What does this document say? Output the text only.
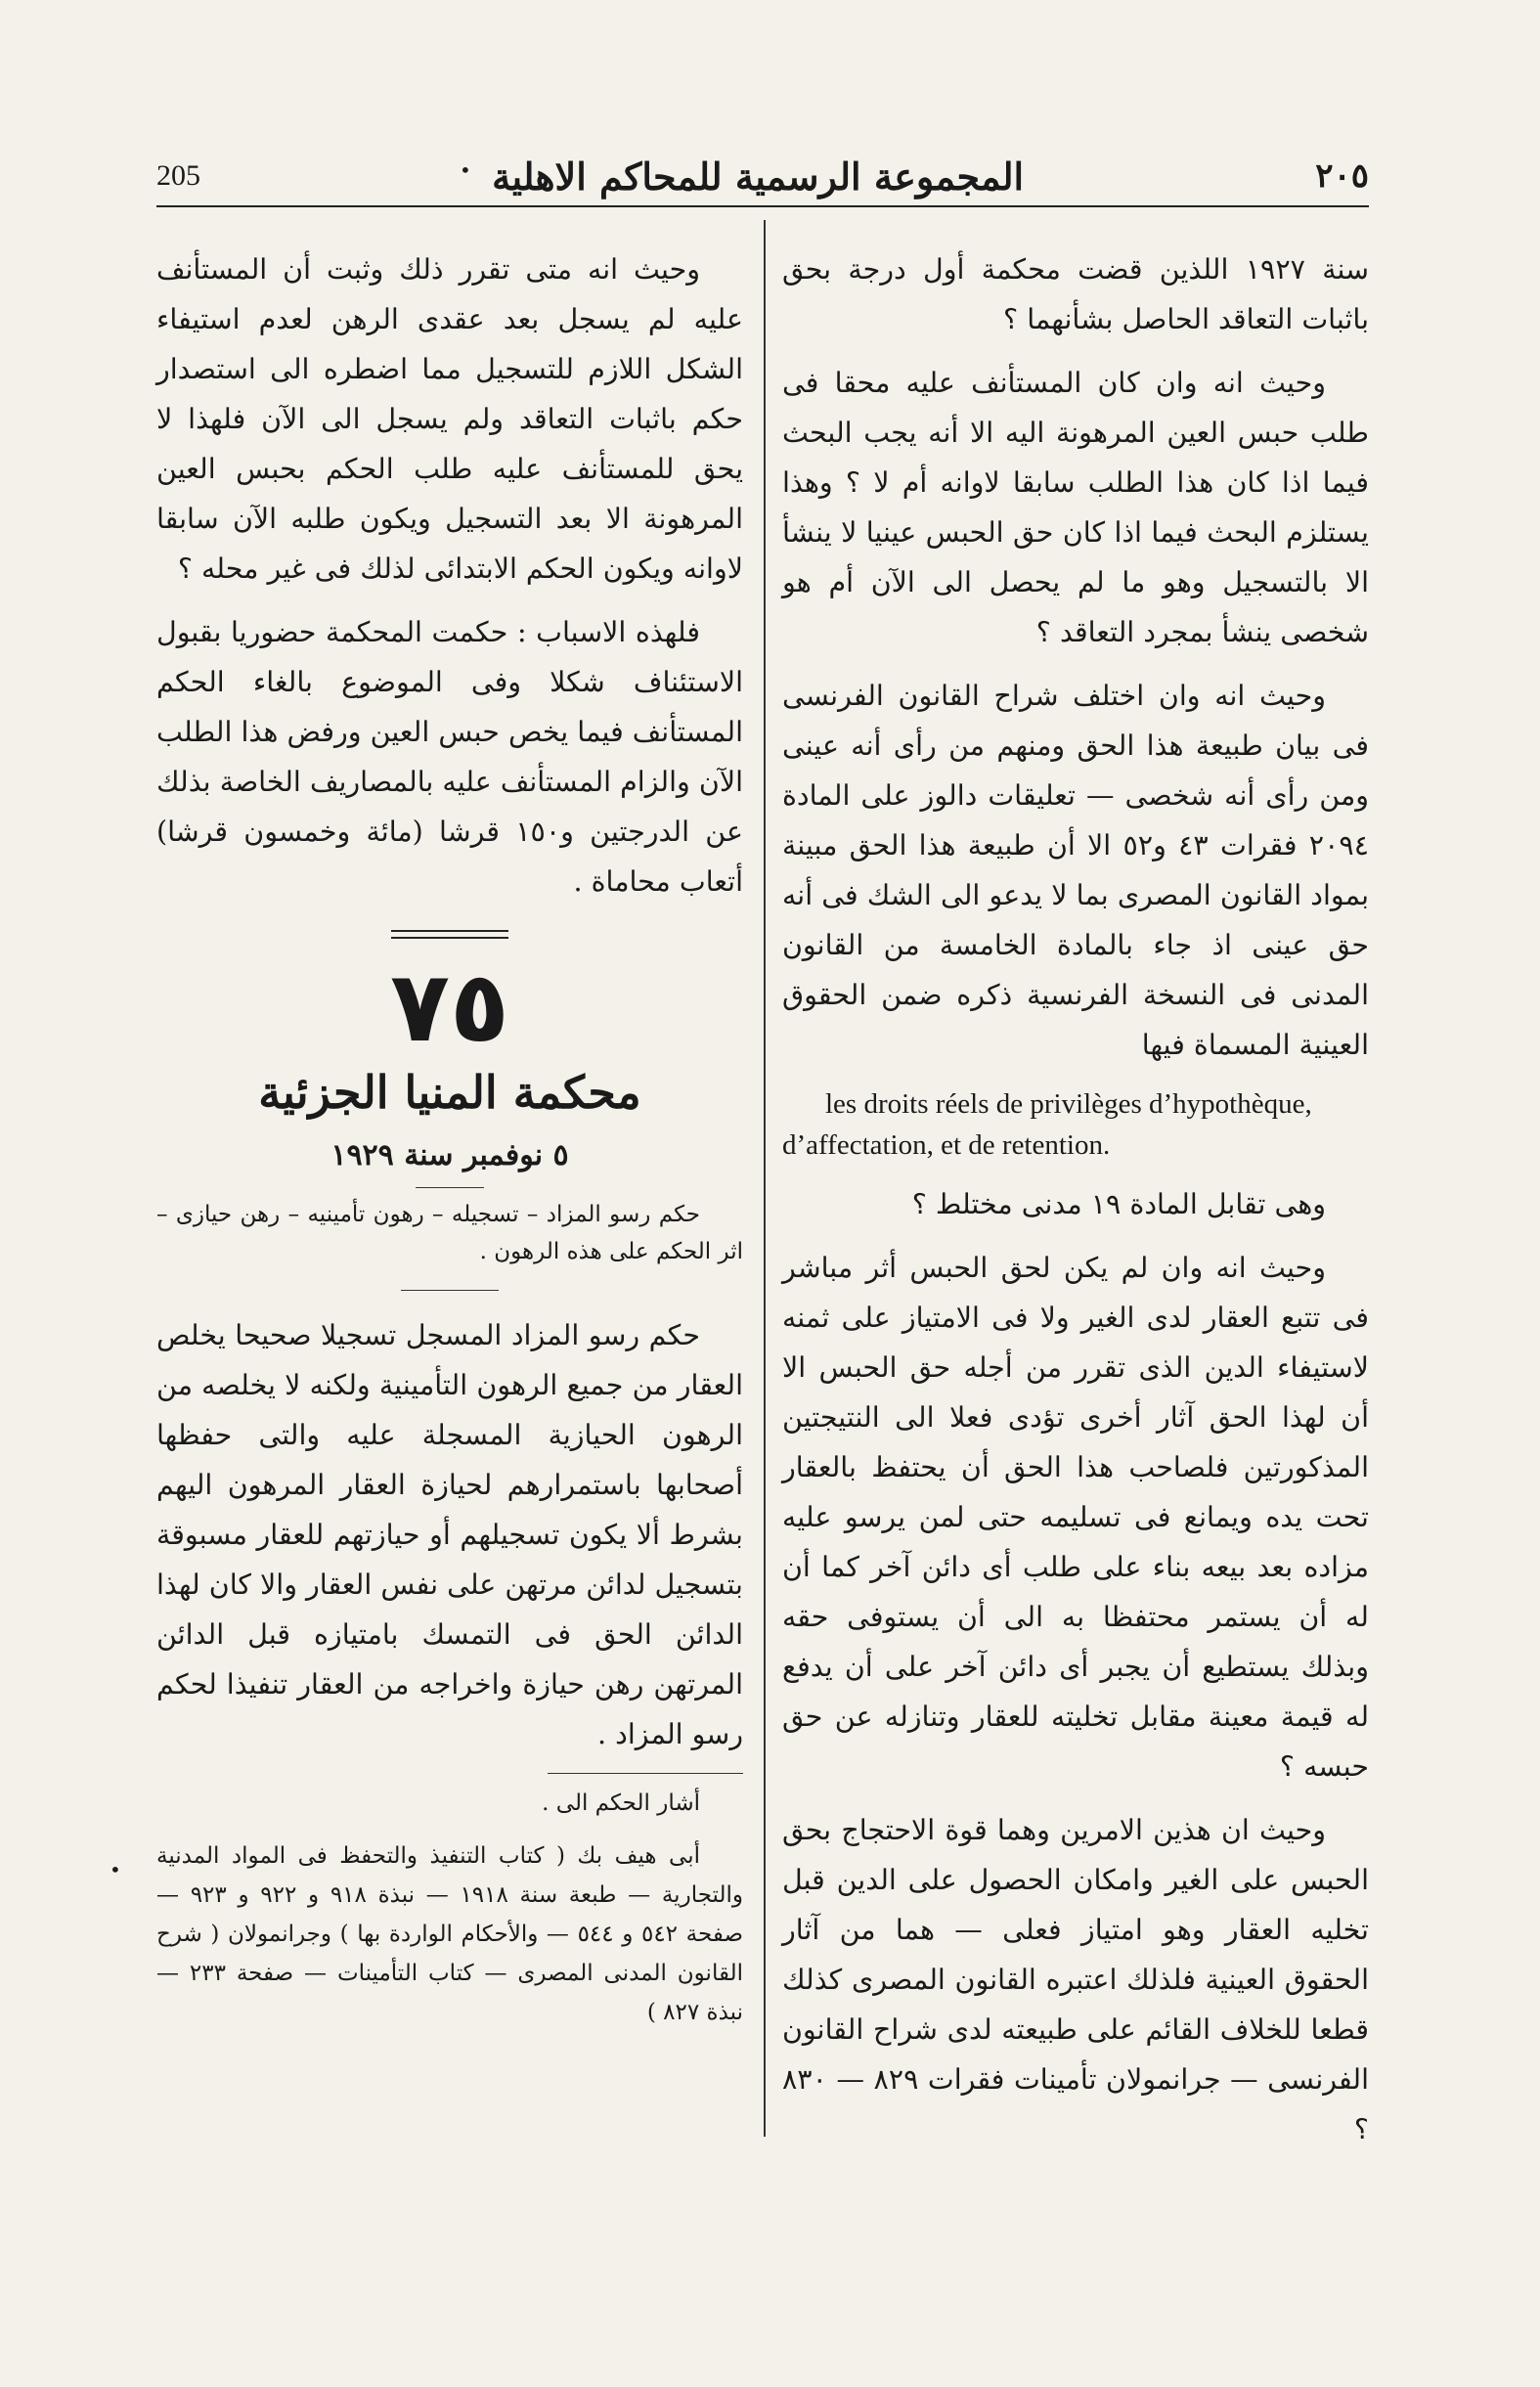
205	المجموعة الرسمية للمحاكم الاهلية	٢٠٥

سنة ١٩٢٧ اللذين قضت محكمة أول درجة بحق باثبات التعاقد الحاصل بشأنهما ؟

وحيث انه وان كان المستأنف عليه محقا فى طلب حبس العين المرهونة اليه الا أنه يجب البحث فيما اذا كان هذا الطلب سابقا لاوانه أم لا ؟ وهذا يستلزم البحث فيما اذا كان حق الحبس عينيا لا ينشأ الا بالتسجيل وهو ما لم يحصل الى الآن أم هو شخصى ينشأ بمجرد التعاقد ؟

وحيث انه وان اختلف شراح القانون الفرنسى فى بيان طبيعة هذا الحق ومنهم من رأى أنه عينى ومن رأى أنه شخصى — تعليقات دالوز على المادة ٢٠٩٤ فقرات ٤٣ و٥٢ الا أن طبيعة هذا الحق مبينة بمواد القانون المصرى بما لا يدعو الى الشك فى أنه حق عينى اذ جاء بالمادة الخامسة من القانون المدنى فى النسخة الفرنسية ذكره ضمن الحقوق العينية المسماة فيها

les droits réels de privilèges d’hypothèque, d’affectation, et de retention.

وهى تقابل المادة ١٩ مدنى مختلط ؟

وحيث انه وان لم يكن لحق الحبس أثر مباشر فى تتبع العقار لدى الغير ولا فى الامتياز على ثمنه لاستيفاء الدين الذى تقرر من أجله حق الحبس الا أن لهذا الحق آثار أخرى تؤدى فعلا الى النتيجتين المذكورتين فلصاحب هذا الحق أن يحتفظ بالعقار تحت يده ويمانع فى تسليمه حتى لمن يرسو عليه مزاده بعد بيعه بناء على طلب أى دائن آخر كما أن له أن يستمر محتفظا به الى أن يستوفى حقه وبذلك يستطيع أن يجبر أى دائن آخر على أن يدفع له قيمة معينة مقابل تخليته للعقار وتنازله عن حق حبسه ؟

وحيث ان هذين الامرين وهما قوة الاحتجاج بحق الحبس على الغير وامكان الحصول على الدين قبل تخليه العقار وهو امتياز فعلى — هما من آثار الحقوق العينية فلذلك اعتبره القانون المصرى كذلك قطعا للخلاف القائم على طبيعته لدى شراح القانون الفرنسى — جرانمولان تأمينات فقرات ٨٢٩ — ٨٣٠ ؟

وحيث انه متى تقرر ذلك وثبت أن المستأنف عليه لم يسجل بعد عقدى الرهن لعدم استيفاء الشكل اللازم للتسجيل مما اضطره الى استصدار حكم باثبات التعاقد ولم يسجل الى الآن فلهذا لا يحق للمستأنف عليه طلب الحكم بحبس العين المرهونة الا بعد التسجيل ويكون طلبه الآن سابقا لاوانه ويكون الحكم الابتدائى لذلك فى غير محله ؟

فلهذه الاسباب : حكمت المحكمة حضوريا بقبول الاستئناف شكلا وفى الموضوع بالغاء الحكم المستأنف فيما يخص حبس العين ورفض هذا الطلب الآن والزام المستأنف عليه بالمصاريف الخاصة بذلك عن الدرجتين و١٥٠ قرشا (مائة وخمسون قرشا) أتعاب محاماة .

٧٥
محكمة المنيا الجزئية
٥ نوفمبر سنة ١٩٢٩

حكم رسو المزاد – تسجيله – رهون تأمينيه – رهن حيازى – اثر الحكم على هذه الرهون .

حكم رسو المزاد المسجل تسجيلا صحيحا يخلص العقار من جميع الرهون التأمينية ولكنه لا يخلصه من الرهون الحيازية المسجلة عليه والتى حفظها أصحابها باستمرارهم لحيازة العقار المرهون اليهم بشرط ألا يكون تسجيلهم أو حيازتهم للعقار مسبوقة بتسجيل لدائن مرتهن على نفس العقار والا كان لهذا الدائن الحق فى التمسك بامتيازه قبل الدائن المرتهن رهن حيازة واخراجه من العقار تنفيذا لحكم رسو المزاد .

أشار الحكم الى .

أبى هيف بك ( كتاب التنفيذ والتحفظ فى المواد المدنية والتجارية — طبعة سنة ١٩١٨ — نبذة ٩١٨ و ٩٢٢ و ٩٢٣ — صفحة ٥٤٢ و ٥٤٤ — والأحكام الواردة بها ) وجرانمولان ( شرح القانون المدنى المصرى — كتاب التأمينات — صفحة ٢٣٣ — نبذة ٨٢٧ )

•
•
